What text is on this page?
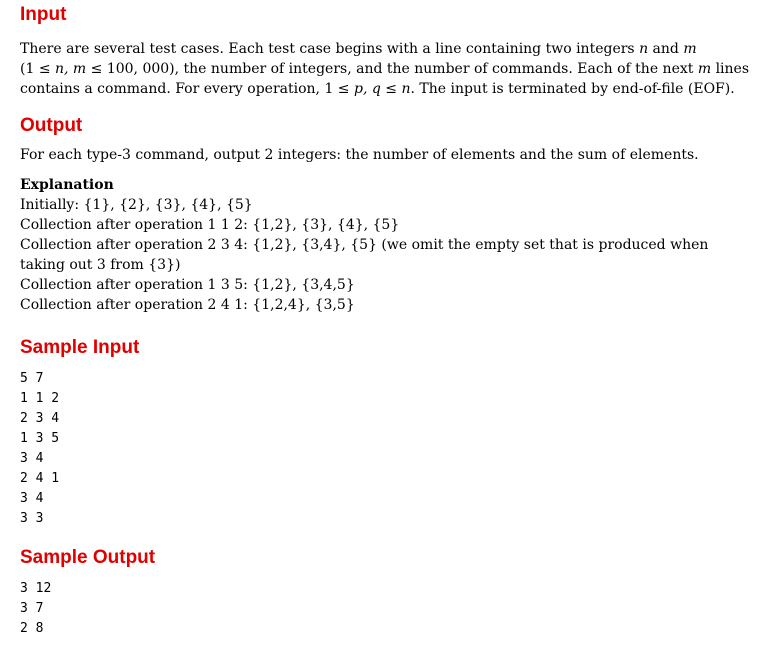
Input

There are several test cases. Each test case begins with a line containing two integers n and m
(1 ≤ n, m ≤ 100, 000), the number of integers, and the number of commands. Each of the next m lines
contains a command. For every operation, 1 ≤ p, q ≤ n. The input is terminated by end-of-file (EOF).

Output

For each type-3 command, output 2 integers: the number of elements and the sum of elements.

Explanation
Initially: {1}, {2}, {3}, {4}, {5}
Collection after operation 1 1 2: {1,2}, {3}, {4}, {5}
Collection after operation 2 3 4: {1,2}, {3,4}, {5} (we omit the empty set that is produced when
taking out 3 from {3})
Collection after operation 1 3 5: {1,2}, {3,4,5}
Collection after operation 2 4 1: {1,2,4}, {3,5}
Sample Input
5 7
1 1 2
2 3 4
1 3 5
3 4
2 4 1
3 4
3 3
Sample Output
3 12
3 7
2 8
